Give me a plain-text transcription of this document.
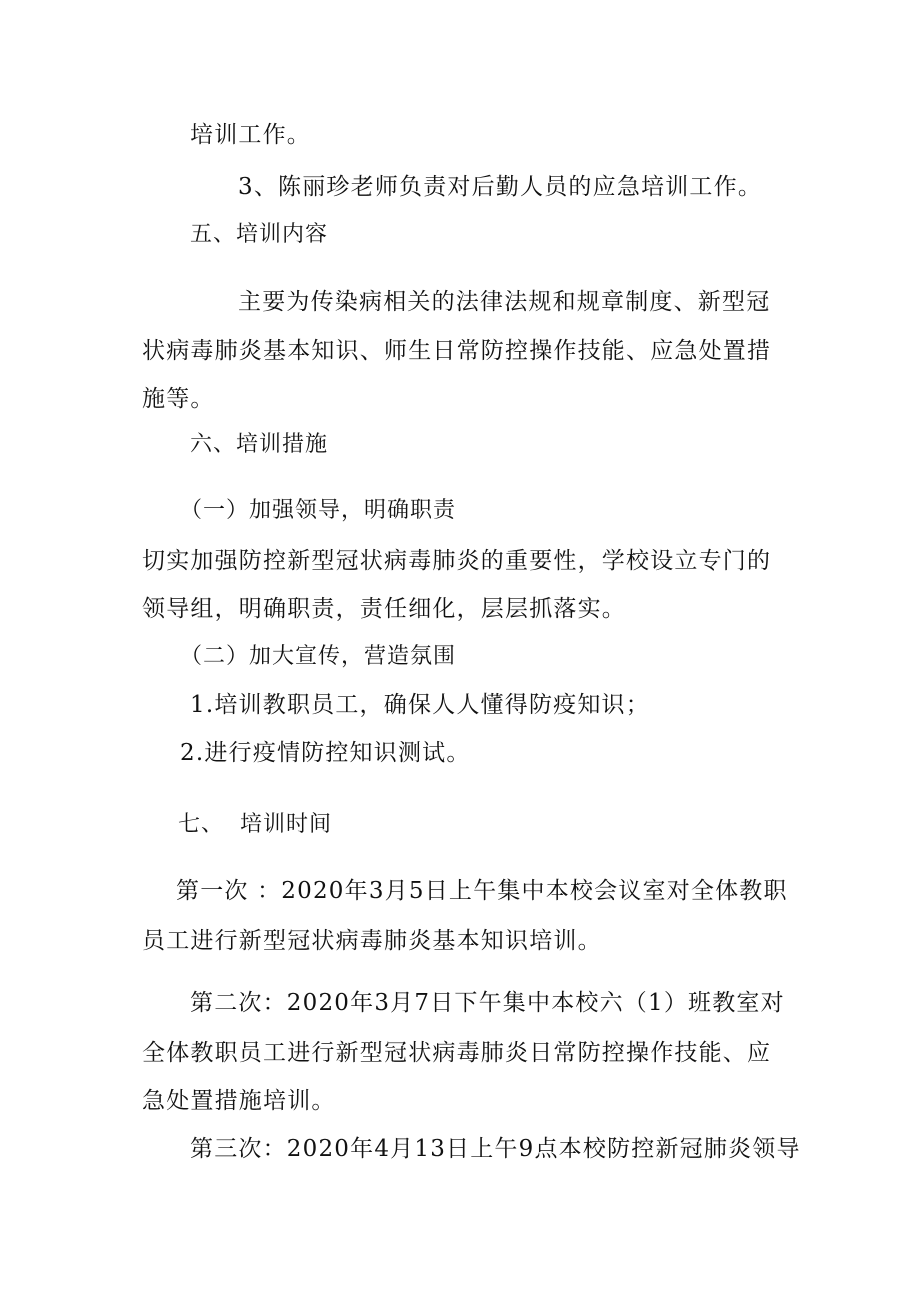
培训工作。

3、陈丽珍老师负责对后勤人员的应急培训工作。

五、培训内容

主要为传染病相关的法律法规和规章制度、新型冠

状病毒肺炎基本知识、师生日常防控操作技能、应急处置措

施等。

六、培训措施

（一）加强领导，明确职责

切实加强防控新型冠状病毒肺炎的重要性，学校设立专门的

领导组，明确职责，责任细化，层层抓落实。

（二）加大宣传，营造氛围

1.培训教职员工，确保人人懂得防疫知识；

2.进行疫情防控知识测试。

七、  培训时间

第一次 ：2020年3月5日上午集中本校会议室对全体教职

员工进行新型冠状病毒肺炎基本知识培训。

第二次：2020年3月7日下午集中本校六（1）班教室对

全体教职员工进行新型冠状病毒肺炎日常防控操作技能、应

急处置措施培训。

第三次：2020年4月13日上午9点本校防控新冠肺炎领导
